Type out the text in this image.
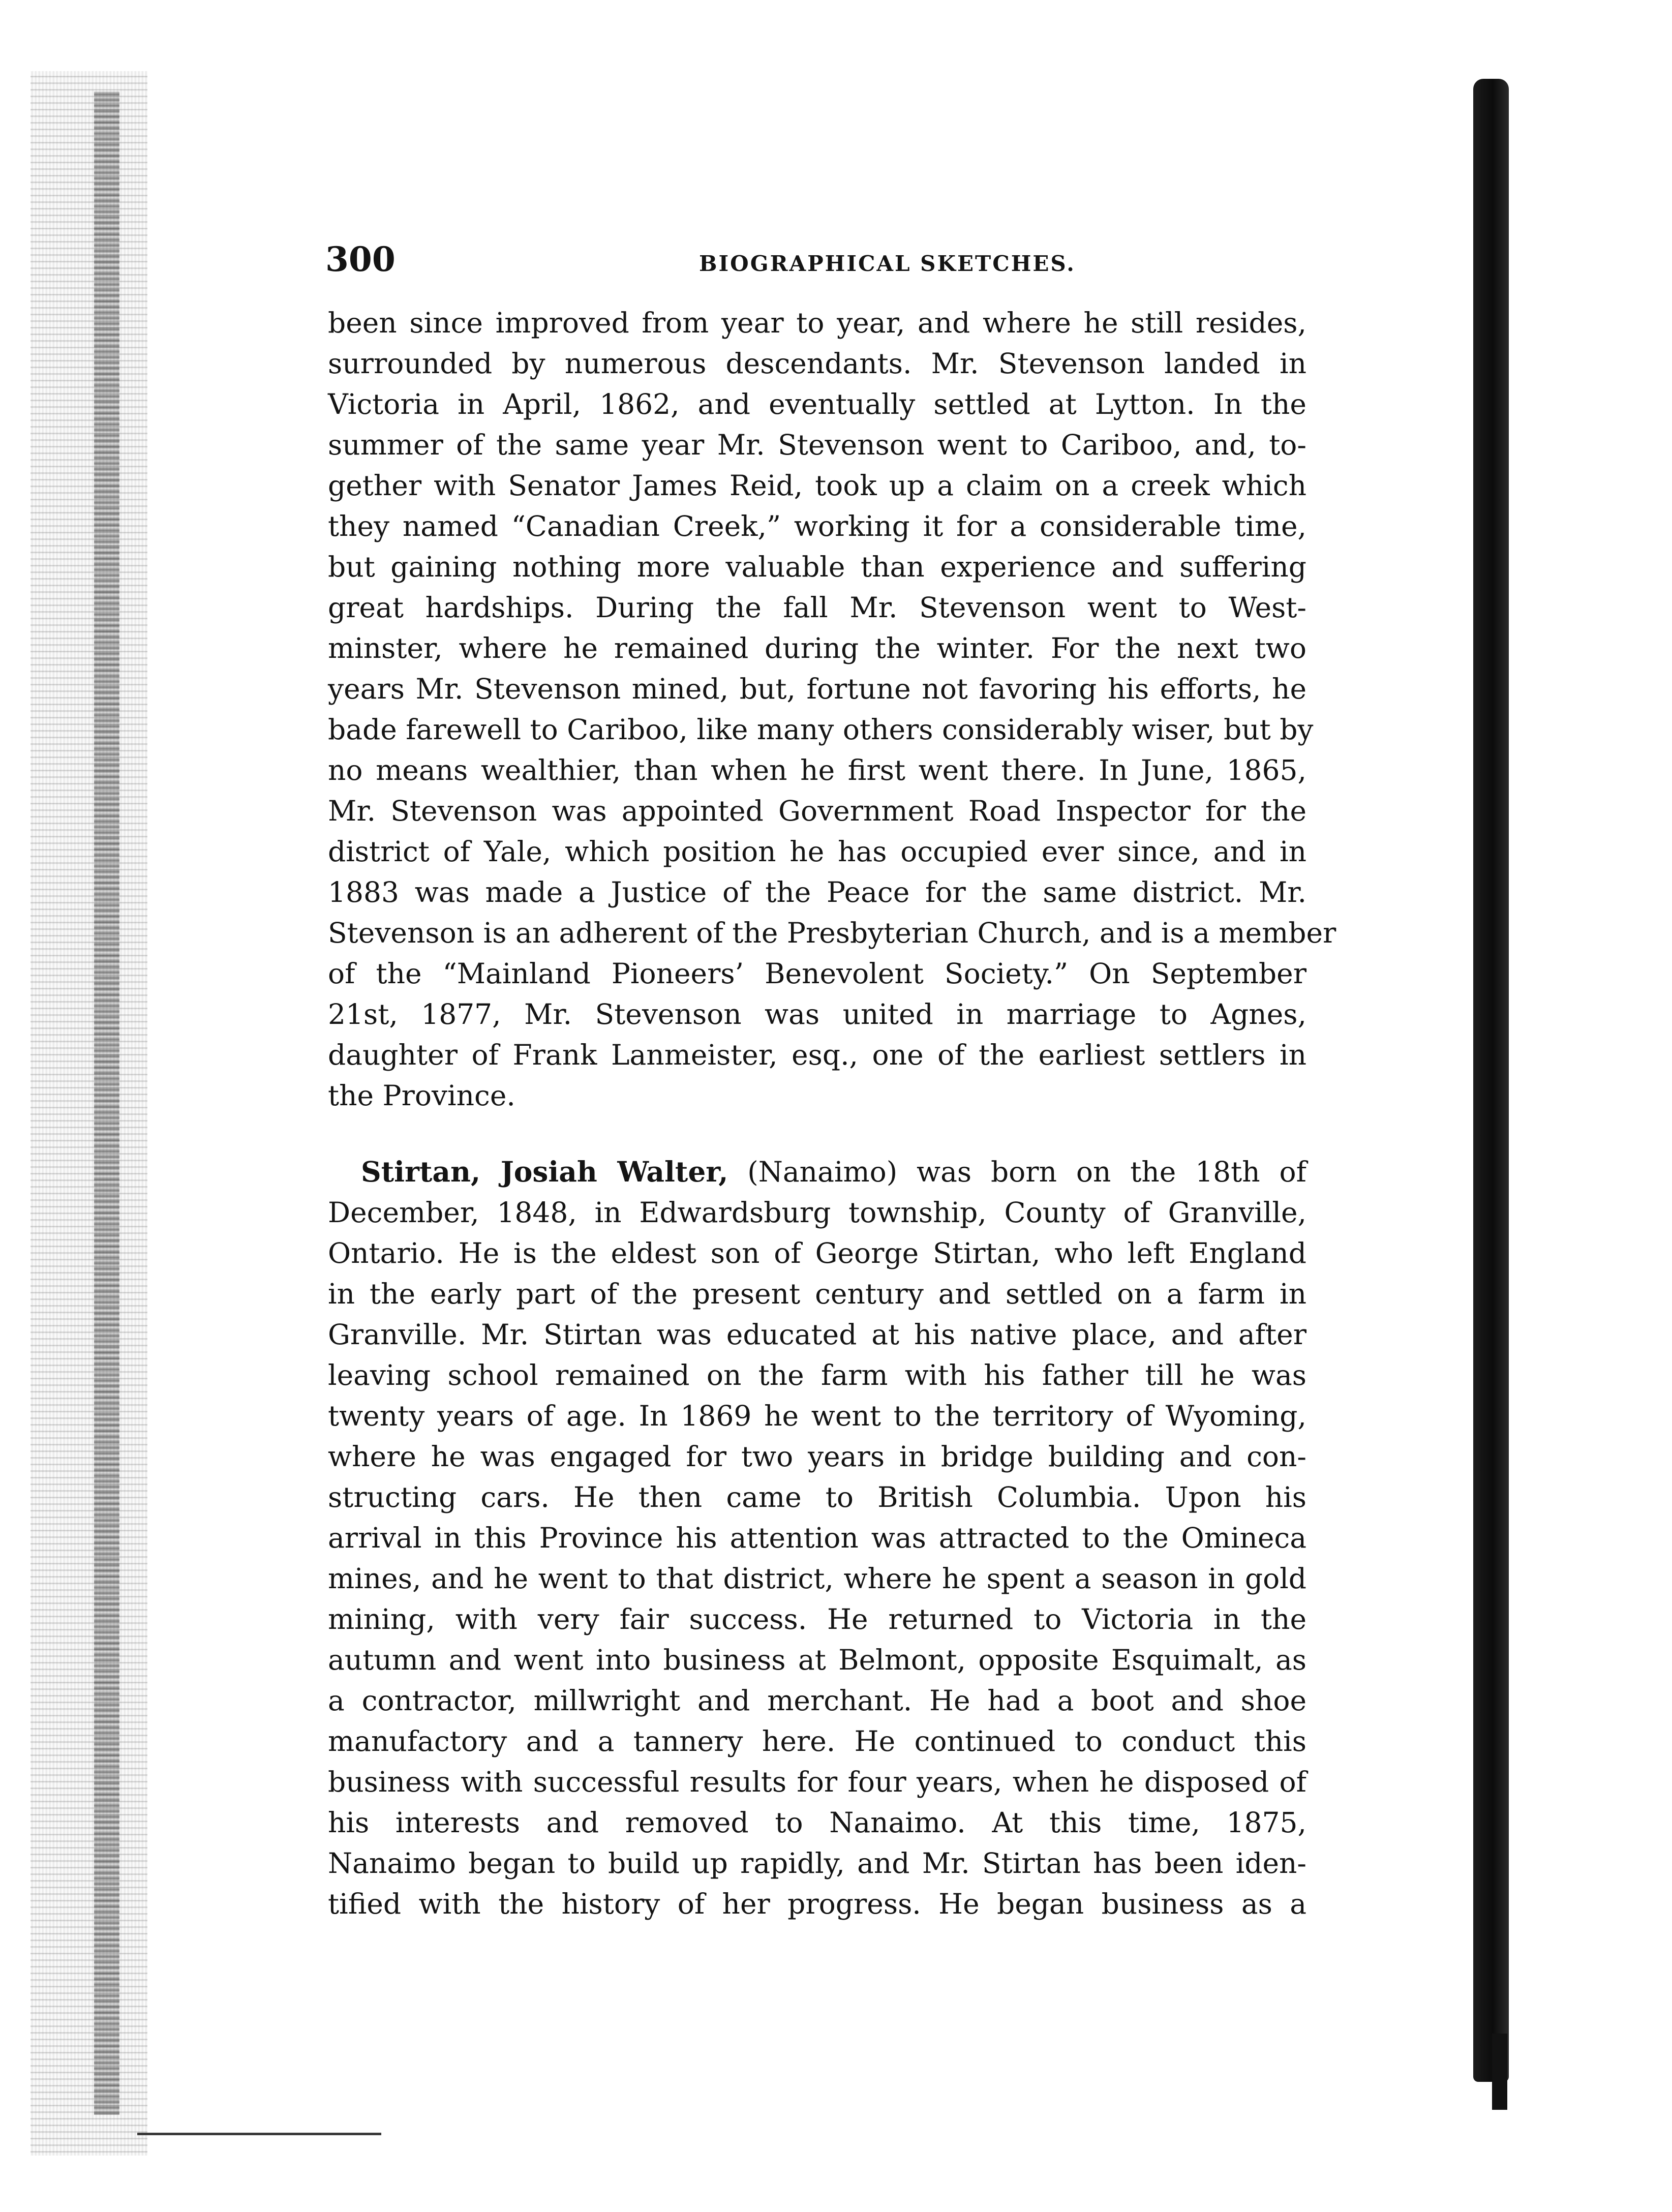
300	BIOGRAPHICAL SKETCHES.
been since improved from year to year, and where he still resides,
surrounded by numerous descendants. Mr. Stevenson landed in
Victoria in April, 1862, and eventually settled at Lytton. In the
summer of the same year Mr. Stevenson went to Cariboo, and, to-
gether with Senator James Reid, took up a claim on a creek which
they named “Canadian Creek,” working it for a considerable time,
but gaining nothing more valuable than experience and suffering
great hardships. During the fall Mr. Stevenson went to West-
minster, where he remained during the winter. For the next two
years Mr. Stevenson mined, but, fortune not favoring his efforts, he
bade farewell to Cariboo, like many others considerably wiser, but by
no means wealthier, than when he first went there. In June, 1865,
Mr. Stevenson was appointed Government Road Inspector for the
district of Yale, which position he has occupied ever since, and in
1883 was made a Justice of the Peace for the same district. Mr.
Stevenson is an adherent of the Presbyterian Church, and is a member
of the “Mainland Pioneers’ Benevolent Society.” On September
21st, 1877, Mr. Stevenson was united in marriage to Agnes,
daughter of Frank Lanmeister, esq., one of the earliest settlers in
the Province.
Stirtan, Josiah Walter, (Nanaimo) was born on the 18th of
December, 1848, in Edwardsburg township, County of Granville,
Ontario. He is the eldest son of George Stirtan, who left England
in the early part of the present century and settled on a farm in
Granville. Mr. Stirtan was educated at his native place, and after
leaving school remained on the farm with his father till he was
twenty years of age. In 1869 he went to the territory of Wyoming,
where he was engaged for two years in bridge building and con-
structing cars. He then came to British Columbia. Upon his
arrival in this Province his attention was attracted to the Omineca
mines, and he went to that district, where he spent a season in gold
mining, with very fair success. He returned to Victoria in the
autumn and went into business at Belmont, opposite Esquimalt, as
a contractor, millwright and merchant. He had a boot and shoe
manufactory and a tannery here. He continued to conduct this
business with successful results for four years, when he disposed of
his interests and removed to Nanaimo. At this time, 1875,
Nanaimo began to build up rapidly, and Mr. Stirtan has been iden-
tified with the history of her progress. He began business as a
